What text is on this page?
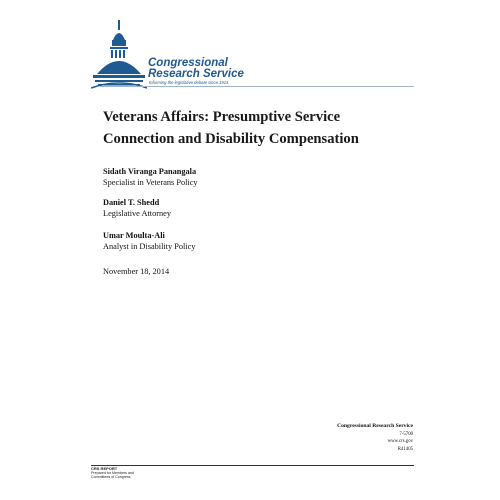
Congressional
Research Service
Informing the legislative debate since 1914
Veterans Affairs: Presumptive Service
Connection and Disability Compensation
Sidath Viranga Panangala
Specialist in Veterans Policy
Daniel T. Shedd
Legislative Attorney
Umar Moulta-Ali
Analyst in Disability Policy
November 18, 2014
Congressional Research Service
7-5700
www.crs.gov
R41405
CRS REPORT
Prepared for Members and
Committees of Congress
